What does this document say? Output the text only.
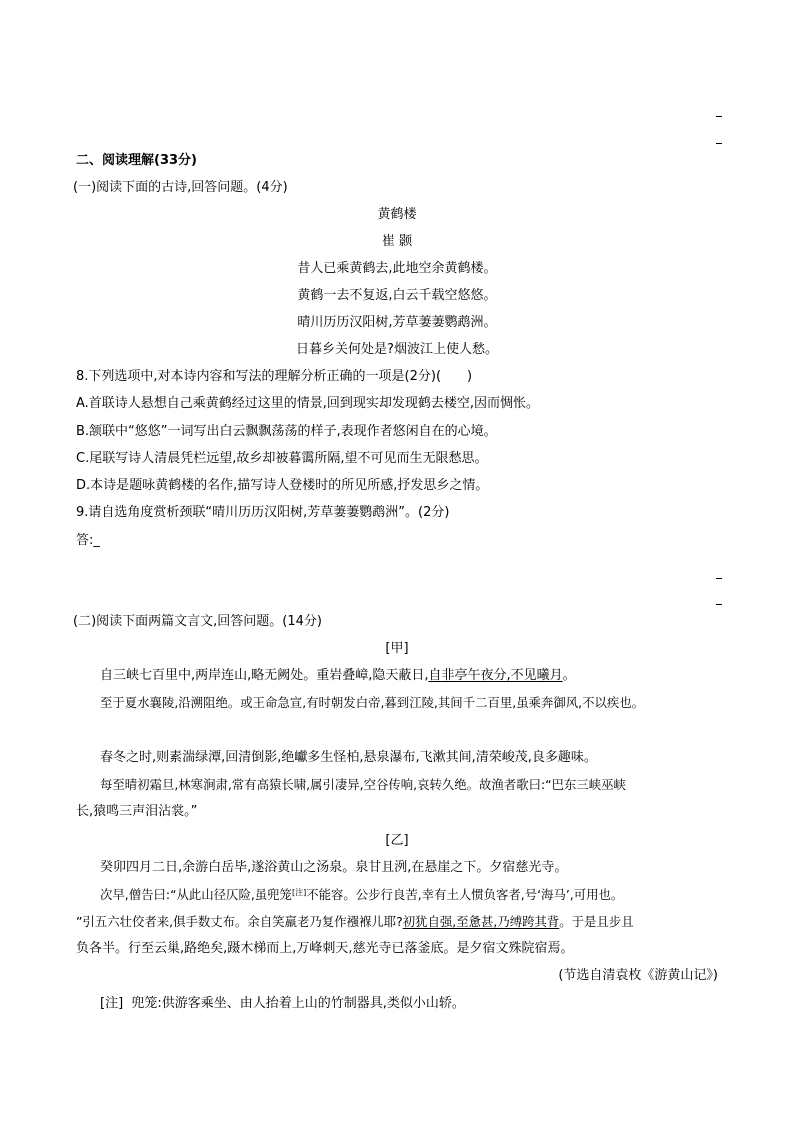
二、阅读理解(33分)
(一)阅读下面的古诗,回答问题。(4分)
黄鹤楼
崔 颢
昔人已乘黄鹤去,此地空余黄鹤楼。
黄鹤一去不复返,白云千载空悠悠。
晴川历历汉阳树,芳草萋萋鹦鹉洲。
日暮乡关何处是?烟波江上使人愁。
8.下列选项中,对本诗内容和写法的理解分析正确的一项是(2分)(　　)
A.首联诗人悬想自己乘黄鹤经过这里的情景,回到现实却发现鹤去楼空,因而惆怅。
B.颔联中“悠悠”一词写出白云飘飘荡荡的样子,表现作者悠闲自在的心境。
C.尾联写诗人清晨凭栏远望,故乡却被暮霭所隔,望不可见而生无限愁思。
D.本诗是题咏黄鹤楼的名作,描写诗人登楼时的所见所感,抒发思乡之情。
9.请自选角度赏析颈联“晴川历历汉阳树,芳草萋萋鹦鹉洲”。(2分)
答:_
(二)阅读下面两篇文言文,回答问题。(14分)
[甲]
自三峡七百里中,两岸连山,略无阙处。重岩叠嶂,隐天蔽日,自非亭午夜分,不见曦月。
至于夏水襄陵,沿溯阻绝。或王命急宣,有时朝发白帝,暮到江陵,其间千二百里,虽乘奔御风,不以疾也。
春冬之时,则素湍绿潭,回清倒影,绝巘多生怪柏,悬泉瀑布,飞漱其间,清荣峻茂,良多趣味。
每至晴初霜旦,林寒涧肃,常有高猿长啸,属引凄异,空谷传响,哀转久绝。故渔者歌曰:“巴东三峡巫峡
长,猿鸣三声泪沾裳。”
[乙]
癸卯四月二日,余游白岳毕,遂浴黄山之汤泉。泉甘且洌,在悬崖之下。夕宿慈光寺。
次早,僧告曰:“从此山径仄险,虽兜笼[注]不能容。公步行良苦,幸有土人惯负客者,号‘海马’,可用也。
”引五六壮佼者来,俱手数丈布。余自笑羸老乃复作襁褓儿耶?初犹自强,至惫甚,乃缚跨其背。于是且步且
负各半。行至云巢,路绝矣,蹑木梯而上,万峰刺天,慈光寺已落釜底。是夕宿文殊院宿焉。
(节选自清袁枚《游黄山记》)
[注] 兜笼:供游客乘坐、由人抬着上山的竹制器具,类似小山轿。
